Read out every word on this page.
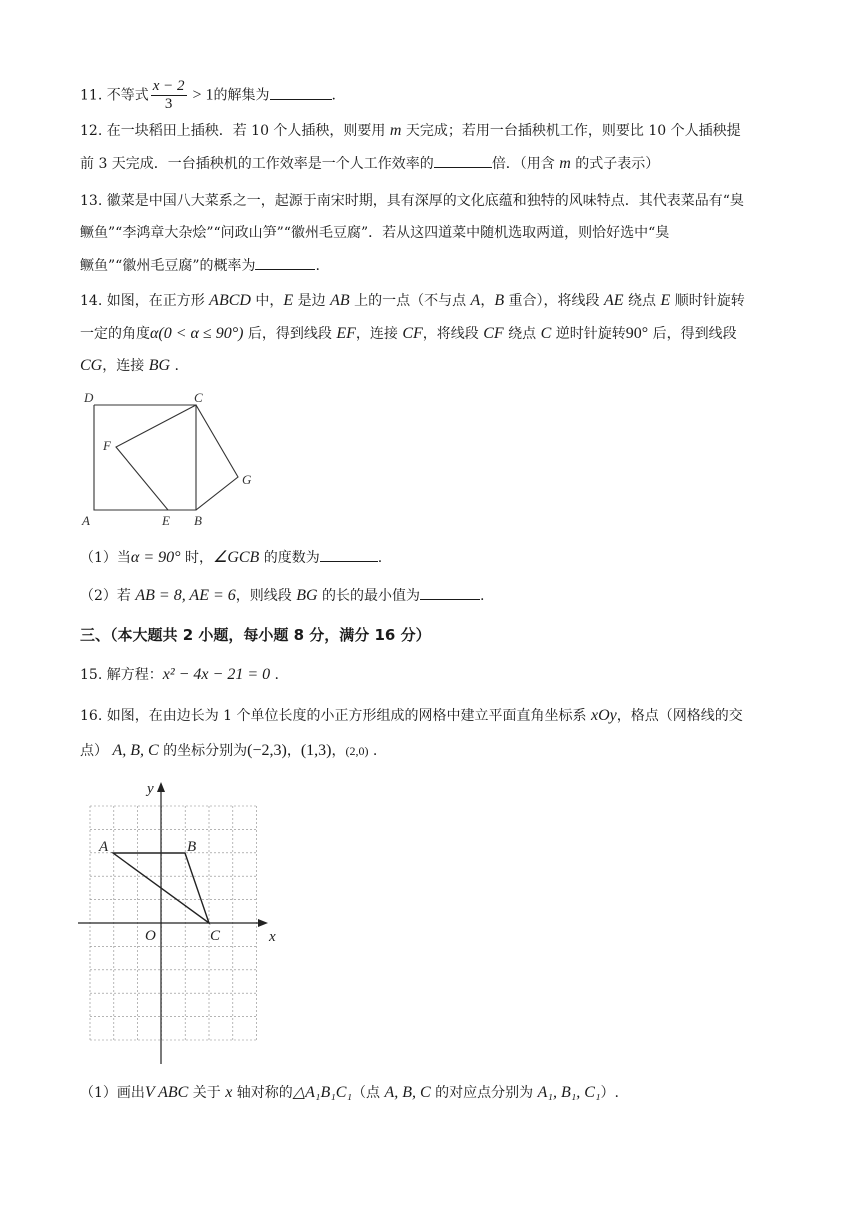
11. 不等式 $\frac{x - 2}{3} > 1$的解集为	.
12. 在一块稻田上插秧．若 10 个人插秧，则要用 m 天完成；若用一台插秧机工作，则要比 10 个人插秧提
前 3 天完成．一台插秧机的工作效率是一个人工作效率的	倍．（用含 m 的式子表示）
13. 徽菜是中国八大菜系之一，起源于南宋时期，具有深厚的文化底蕴和独特的风味特点．其代表菜品有“臭
鳜鱼”“李鸿章大杂烩”“问政山笋”“徽州毛豆腐”．若从这四道菜中随机选取两道，则恰好选中“臭
鳜鱼”“徽州毛豆腐”的概率为	.
14. 如图，在正方形 ABCD 中，E 是边 AB 上的一点（不与点 A，B 重合），将线段 AE 绕点 E 顺时针旋转
一定的角度α(0 < α ≤ 90°) 后，得到线段 EF，连接 CF，将线段 CF 绕点 C 逆时针旋转90° 后，得到线段
CG，连接 BG .
D	C
F
G
A	E B
（1）当α = 90° 时，∠GCB 的度数为	.
（2）若 AB = 8, AE = 6，则线段 BG 的长的最小值为	.
三、（本大题共 2 小题，每小题 8 分，满分 16 分）
15. 解方程：x² − 4x − 21 = 0 .
16. 如图，在由边长为 1 个单位长度的小正方形组成的网格中建立平面直角坐标系 xOy，格点（网格线的交
点） A, B, C 的坐标分别为(−2,3)，(1,3)，(2,0) .
y
x
O
A	B
C
（1）画出V ABC 关于 x 轴对称的△A₁B₁C₁（点 A, B, C 的对应点分别为 A₁, B₁, C₁）.
